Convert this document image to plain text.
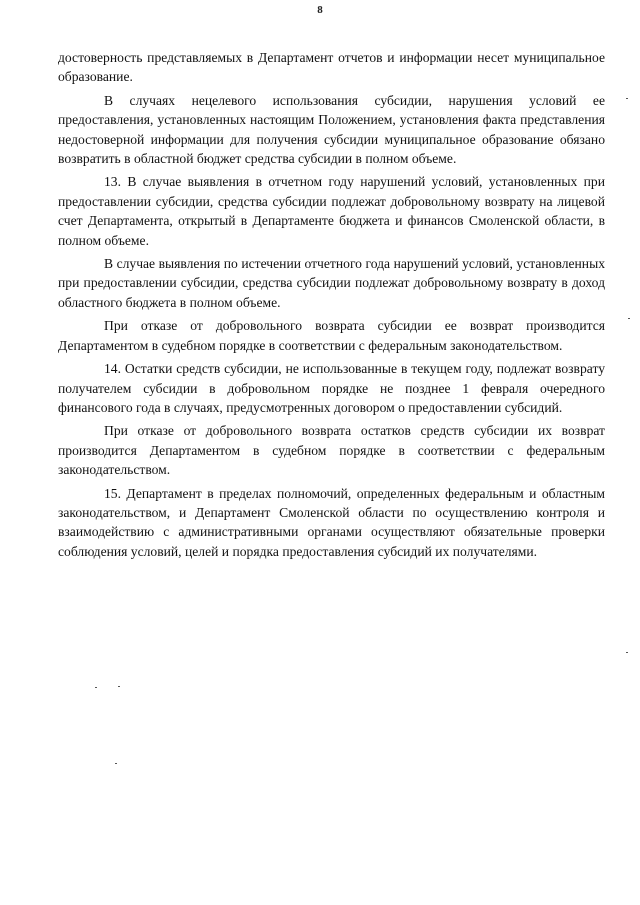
8

достоверность представляемых в Департамент отчетов и информации несет муниципальное образование.

В случаях нецелевого использования субсидии, нарушения условий ее предоставления, установленных настоящим Положением, установления факта представления недостоверной информации для получения субсидии муниципальное образование обязано возвратить в областной бюджет средства субсидии в полном объеме.

13. В случае выявления в отчетном году нарушений условий, установленных при предоставлении субсидии, средства субсидии подлежат добровольному возврату на лицевой счет Департамента, открытый в Департаменте бюджета и финансов Смоленской области, в полном объеме.

В случае выявления по истечении отчетного года нарушений условий, установленных при предоставлении субсидии, средства субсидии подлежат добровольному возврату в доход областного бюджета в полном объеме.

При отказе от добровольного возврата субсидии ее возврат производится Департаментом в судебном порядке в соответствии с федеральным законодательством.

14. Остатки средств субсидии, не использованные в текущем году, подлежат возврату получателем субсидии в добровольном порядке не позднее 1 февраля очередного финансового года в случаях, предусмотренных договором о предоставлении субсидий.

При отказе от добровольного возврата остатков средств субсидии их возврат производится Департаментом в судебном порядке в соответствии с федеральным законодательством.

15. Департамент в пределах полномочий, определенных федеральным и областным законодательством, и Департамент Смоленской области по осуществлению контроля и взаимодействию с административными органами осуществляют обязательные проверки соблюдения условий, целей и порядка предоставления субсидий их получателями.
